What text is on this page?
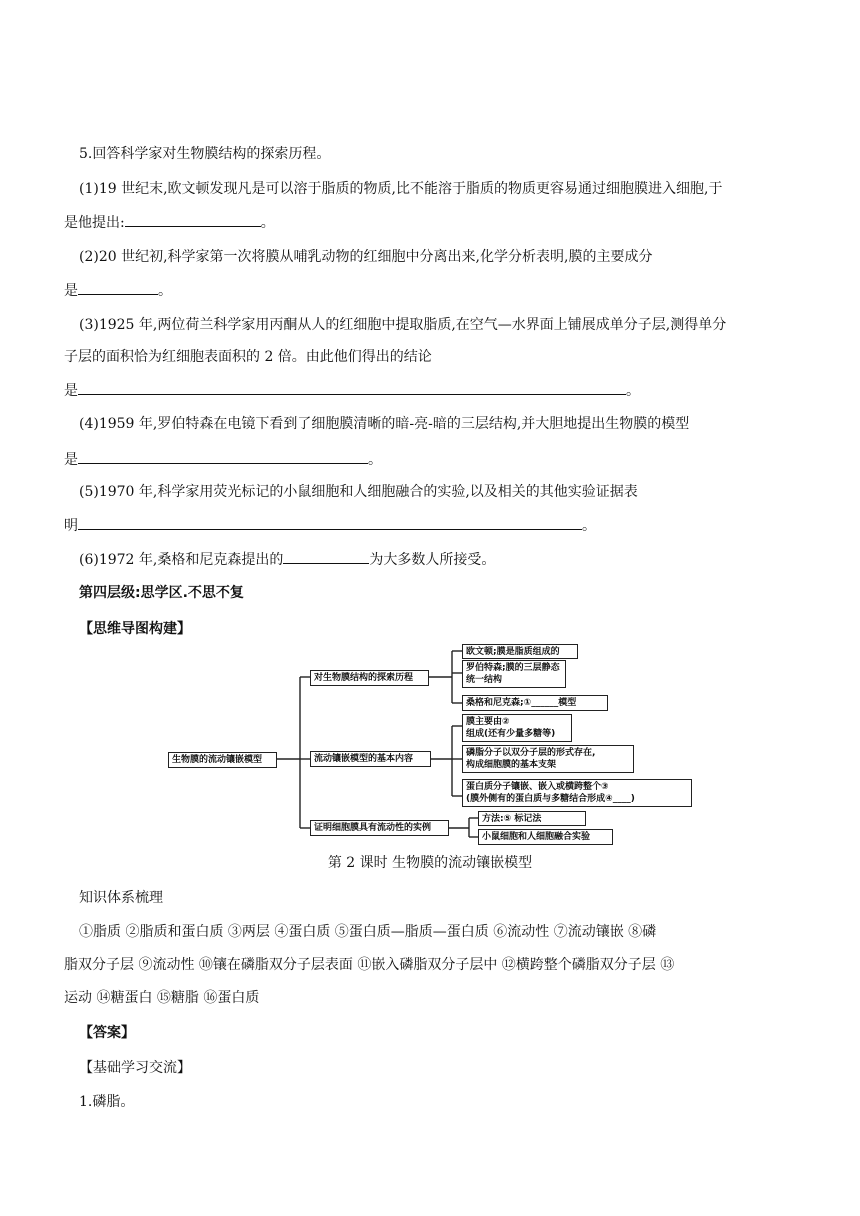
5.回答科学家对生物膜结构的探索历程。
(1)19 世纪末,欧文顿发现凡是可以溶于脂质的物质,比不能溶于脂质的物质更容易通过细胞膜进入细胞,于
是他提出:	。
(2)20 世纪初,科学家第一次将膜从哺乳动物的红细胞中分离出来,化学分析表明,膜的主要成分
是	。
(3)1925 年,两位荷兰科学家用丙酮从人的红细胞中提取脂质,在空气—水界面上铺展成单分子层,测得单分
子层的面积恰为红细胞表面积的 2 倍。由此他们得出的结论
是	。
(4)1959 年,罗伯特森在电镜下看到了细胞膜清晰的暗-亮-暗的三层结构,并大胆地提出生物膜的模型
是	。
(5)1970 年,科学家用荧光标记的小鼠细胞和人细胞融合的实验,以及相关的其他实验证据表
明	。
(6)1972 年,桑格和尼克森提出的	为大多数人所接受。
第四层级:思学区.不思不复
【思维导图构建】
生物膜的流动镶嵌模型
对生物膜结构的探索历程
欧文顿;膜是脂质组成的
罗伯特森;膜的三层静态
统一结构
桑格和尼克森;①______模型
流动镶嵌模型的基本内容
膜主要由②
组成(还有少量多糖等)
磷脂分子以双分子层的形式存在,
构成细胞膜的基本支架
蛋白质分子镶嵌、嵌入或横跨整个③
(膜外侧有的蛋白质与多糖结合形成④____)
证明细胞膜具有流动性的实例
方法:⑤ 标记法
小鼠细胞和人细胞融合实验
第 2 课时 生物膜的流动镶嵌模型
知识体系梳理
①脂质 ②脂质和蛋白质 ③两层 ④蛋白质 ⑤蛋白质—脂质—蛋白质 ⑥流动性 ⑦流动镶嵌 ⑧磷
脂双分子层 ⑨流动性 ⑩镶在磷脂双分子层表面 ⑪嵌入磷脂双分子层中 ⑫横跨整个磷脂双分子层 ⑬
运动 ⑭糖蛋白 ⑮糖脂 ⑯蛋白质
【答案】
【基础学习交流】
1.磷脂。
